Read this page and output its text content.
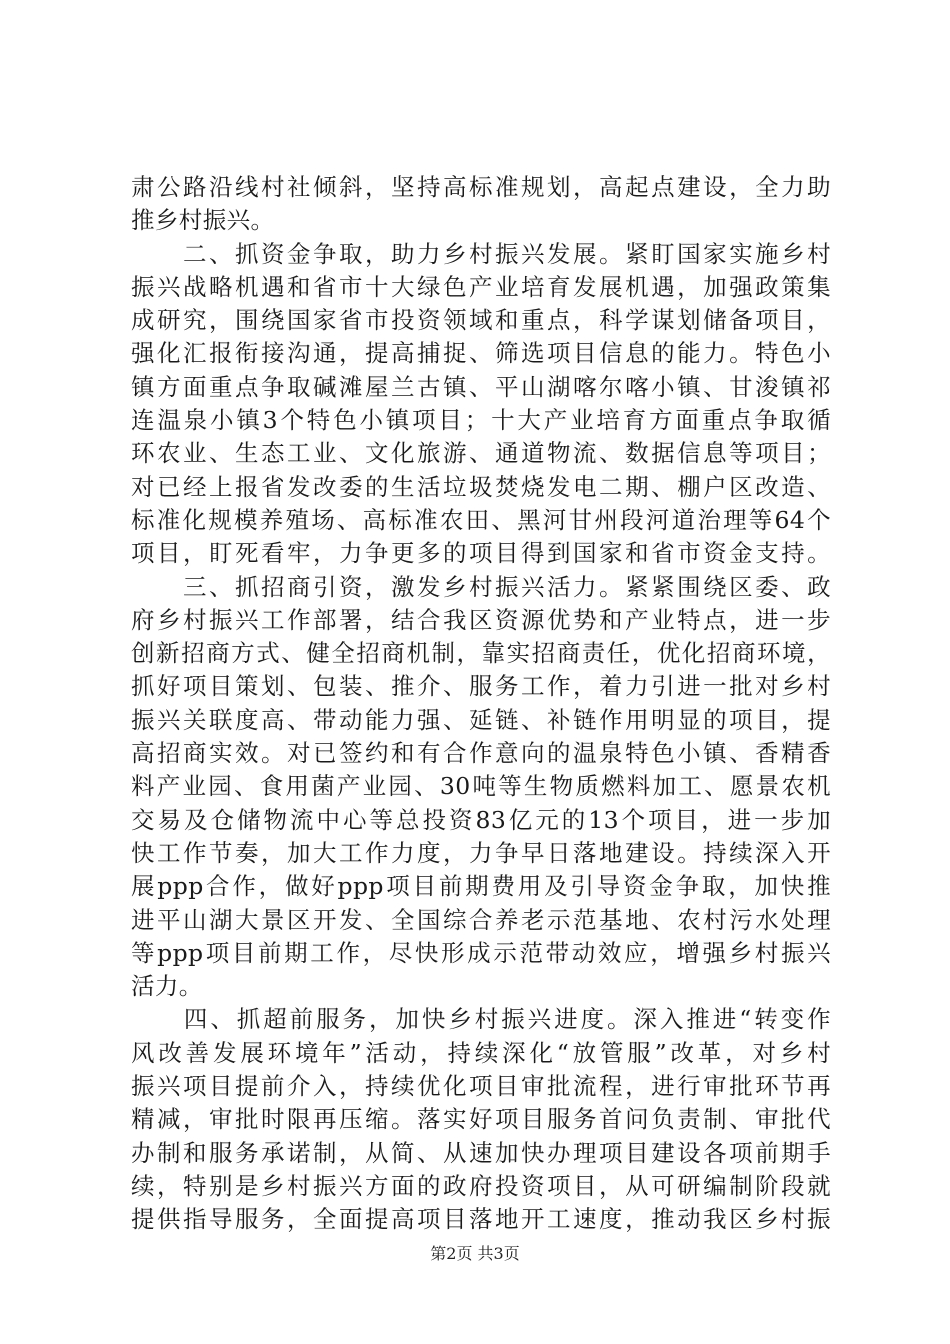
肃公路沿线村社倾斜，坚持高标准规划，高起点建设，全力助
推乡村振兴。
　　二、抓资金争取，助力乡村振兴发展。紧盯国家实施乡村
振兴战略机遇和省市十大绿色产业培育发展机遇，加强政策集
成研究，围绕国家省市投资领域和重点，科学谋划储备项目，
强化汇报衔接沟通，提高捕捉、筛选项目信息的能力。特色小
镇方面重点争取碱滩屋兰古镇、平山湖喀尔喀小镇、甘浚镇祁
连温泉小镇3个特色小镇项目；十大产业培育方面重点争取循
环农业、生态工业、文化旅游、通道物流、数据信息等项目；
对已经上报省发改委的生活垃圾焚烧发电二期、棚户区改造、
标准化规模养殖场、高标准农田、黑河甘州段河道治理等64个
项目，盯死看牢，力争更多的项目得到国家和省市资金支持。
　　三、抓招商引资，激发乡村振兴活力。紧紧围绕区委、政
府乡村振兴工作部署，结合我区资源优势和产业特点，进一步
创新招商方式、健全招商机制，靠实招商责任，优化招商环境，
抓好项目策划、包装、推介、服务工作，着力引进一批对乡村
振兴关联度高、带动能力强、延链、补链作用明显的项目，提
高招商实效。对已签约和有合作意向的温泉特色小镇、香精香
料产业园、食用菌产业园、30吨等生物质燃料加工、愿景农机
交易及仓储物流中心等总投资83亿元的13个项目，进一步加
快工作节奏，加大工作力度，力争早日落地建设。持续深入开
展ppp合作，做好ppp项目前期费用及引导资金争取，加快推
进平山湖大景区开发、全国综合养老示范基地、农村污水处理
等ppp项目前期工作，尽快形成示范带动效应，增强乡村振兴
活力。
　　四、抓超前服务，加快乡村振兴进度。深入推进“转变作
风改善发展环境年”活动，持续深化“放管服”改革，对乡村
振兴项目提前介入，持续优化项目审批流程，进行审批环节再
精减，审批时限再压缩。落实好项目服务首问负责制、审批代
办制和服务承诺制，从简、从速加快办理项目建设各项前期手
续，特别是乡村振兴方面的政府投资项目，从可研编制阶段就
提供指导服务，全面提高项目落地开工速度，推动我区乡村振
第2页 共3页
